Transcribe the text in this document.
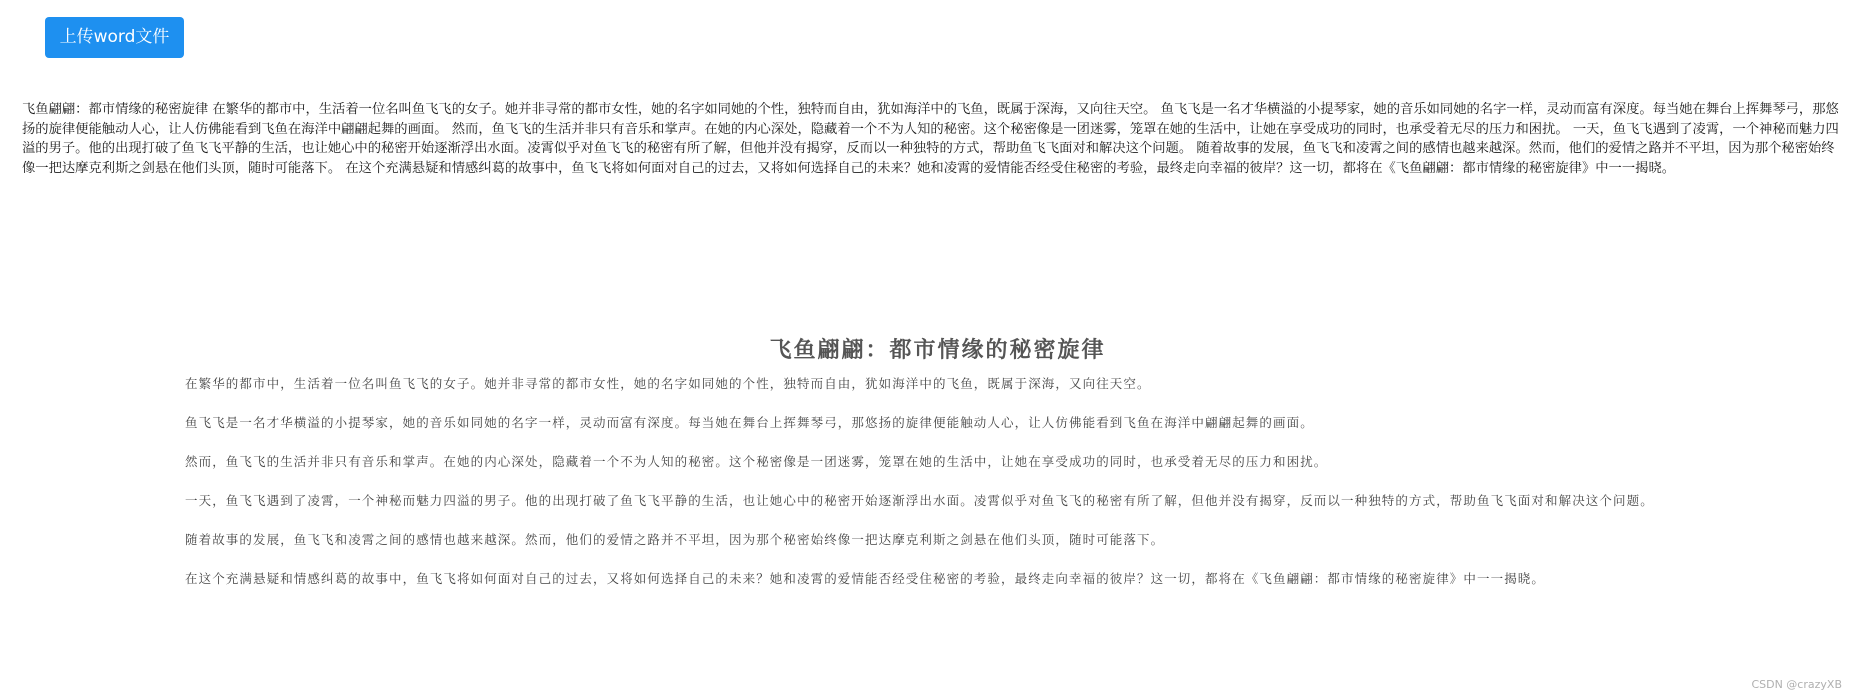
上传word文件

飞鱼翩翩：都市情缘的秘密旋律 在繁华的都市中，生活着一位名叫鱼飞飞的女子。她并非寻常的都市女性，她的名字如同她的个性，独特而自由，犹如海洋中的飞鱼，既属于深海，又向往天空。 鱼飞飞是一名才华横溢的小提琴家，她的音乐如同她的名字一样，灵动而富有深度。每当她在舞台上挥舞琴弓，那悠扬的旋律便能触动人心，让人仿佛能看到飞鱼在海洋中翩翩起舞的画面。 然而，鱼飞飞的生活并非只有音乐和掌声。在她的内心深处，隐藏着一个不为人知的秘密。这个秘密像是一团迷雾，笼罩在她的生活中，让她在享受成功的同时，也承受着无尽的压力和困扰。 一天，鱼飞飞遇到了凌霄，一个神秘而魅力四溢的男子。他的出现打破了鱼飞飞平静的生活，也让她心中的秘密开始逐渐浮出水面。凌霄似乎对鱼飞飞的秘密有所了解，但他并没有揭穿，反而以一种独特的方式，帮助鱼飞飞面对和解决这个问题。 随着故事的发展，鱼飞飞和凌霄之间的感情也越来越深。然而，他们的爱情之路并不平坦，因为那个秘密始终像一把达摩克利斯之剑悬在他们头顶，随时可能落下。 在这个充满悬疑和情感纠葛的故事中，鱼飞飞将如何面对自己的过去，又将如何选择自己的未来？她和凌霄的爱情能否经受住秘密的考验，最终走向幸福的彼岸？这一切，都将在《飞鱼翩翩：都市情缘的秘密旋律》中一一揭晓。

飞鱼翩翩：都市情缘的秘密旋律

在繁华的都市中，生活着一位名叫鱼飞飞的女子。她并非寻常的都市女性，她的名字如同她的个性，独特而自由，犹如海洋中的飞鱼，既属于深海，又向往天空。

鱼飞飞是一名才华横溢的小提琴家，她的音乐如同她的名字一样，灵动而富有深度。每当她在舞台上挥舞琴弓，那悠扬的旋律便能触动人心，让人仿佛能看到飞鱼在海洋中翩翩起舞的画面。

然而，鱼飞飞的生活并非只有音乐和掌声。在她的内心深处，隐藏着一个不为人知的秘密。这个秘密像是一团迷雾，笼罩在她的生活中，让她在享受成功的同时，也承受着无尽的压力和困扰。

一天，鱼飞飞遇到了凌霄，一个神秘而魅力四溢的男子。他的出现打破了鱼飞飞平静的生活，也让她心中的秘密开始逐渐浮出水面。凌霄似乎对鱼飞飞的秘密有所了解，但他并没有揭穿，反而以一种独特的方式，帮助鱼飞飞面对和解决这个问题。

随着故事的发展，鱼飞飞和凌霄之间的感情也越来越深。然而，他们的爱情之路并不平坦，因为那个秘密始终像一把达摩克利斯之剑悬在他们头顶，随时可能落下。

在这个充满悬疑和情感纠葛的故事中，鱼飞飞将如何面对自己的过去，又将如何选择自己的未来？她和凌霄的爱情能否经受住秘密的考验，最终走向幸福的彼岸？这一切，都将在《飞鱼翩翩：都市情缘的秘密旋律》中一一揭晓。

CSDN @crazyXB
